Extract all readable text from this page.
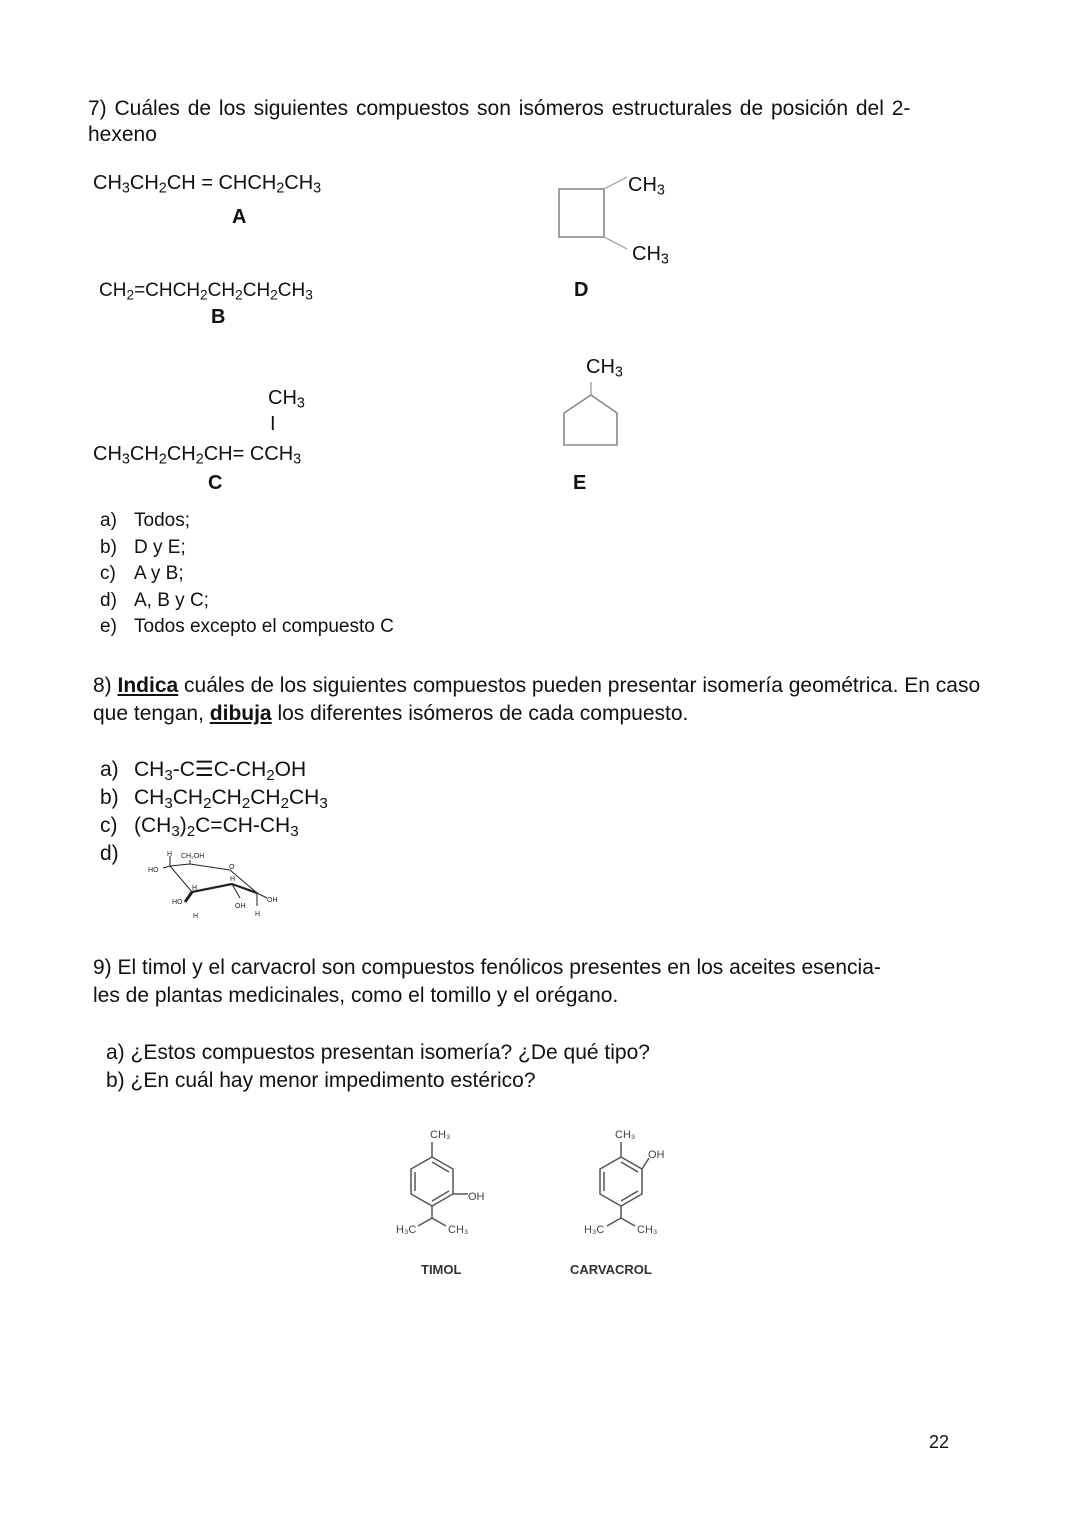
7) Cuáles de los siguientes compuestos son isómeros estructurales de posición del 2-
hexeno
$CH_3CH_2CH$ = $CHCH_2CH_3$
A
$CH_2=CHCH_2CH_2CH_2CH_3$
B
$CH_3$
I
$CH_3CH_2CH_2CH= CCH_3$
C
$CH_3$
$CH_3$
D
$CH_3$
E
a) Todos;
b) D y E;
c) A y B;
d) A, B y C;
e) Todos excepto el compuesto C
8) Indica cuáles de los siguientes compuestos pueden presentar isomería geométrica. En caso
que tengan, dibuja los diferentes isómeros de cada compuesto.
a) $CH_3-C☰C-CH_2OH$
b) $CH_3CH_2CH_2CH_2CH_3$
c) $(CH_3)_2C=CH-CH_3$
d)	H
HO
CH₂OH
O
H
H
HO
OH
OH
H	H
9) El timol y el carvacrol son compuestos fenólicos presentes en los aceites esencia-
les de plantas medicinales, como el tomillo y el orégano.
a) ¿Estos compuestos presentan isomería? ¿De qué tipo?
b) ¿En cuál hay menor impedimento estérico?
CH₃
OH
H₃C	CH₃
TIMOL
CH₃
OH
H₃C	CH₃
CARVACROL
22
